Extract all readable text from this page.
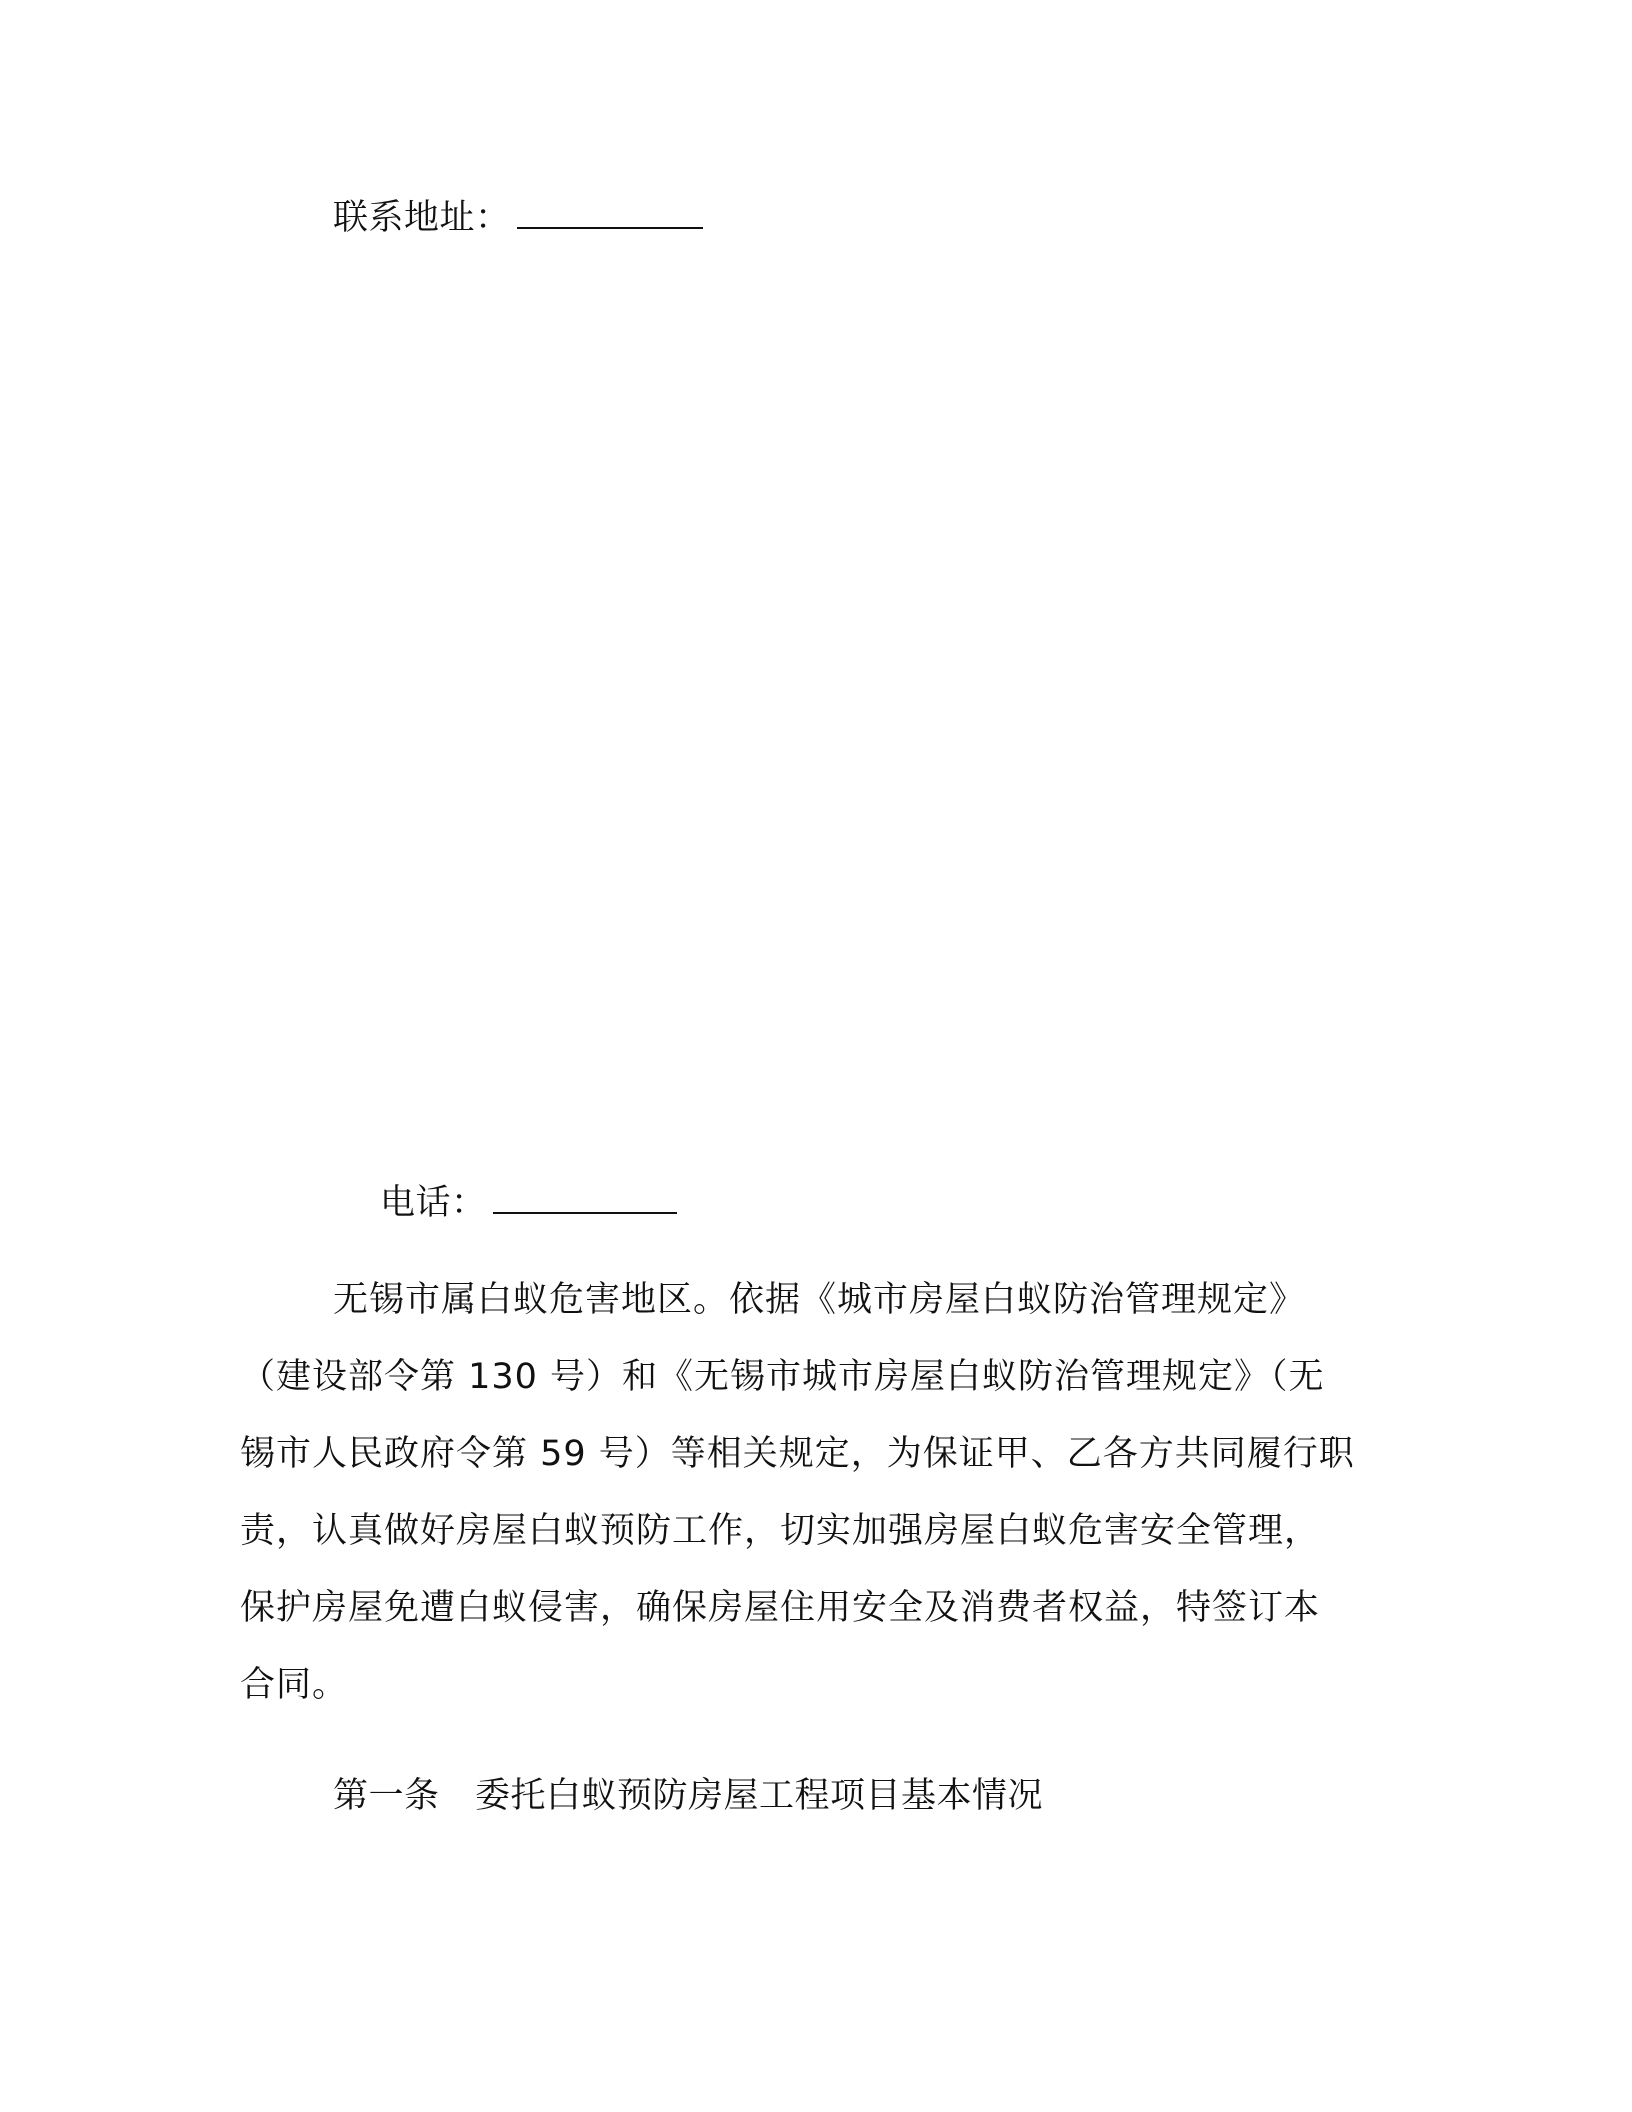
联系地址：
电话：
无锡市属白蚁危害地区。依据《城市房屋白蚁防治管理规定》
（建设部令第 130 号）和《无锡市城市房屋白蚁防治管理规定》（无
锡市人民政府令第 59 号）等相关规定，为保证甲、乙各方共同履行职
责，认真做好房屋白蚁预防工作，切实加强房屋白蚁危害安全管理，
保护房屋免遭白蚁侵害，确保房屋住用安全及消费者权益，特签订本
合同。
第一条　委托白蚁预防房屋工程项目基本情况
